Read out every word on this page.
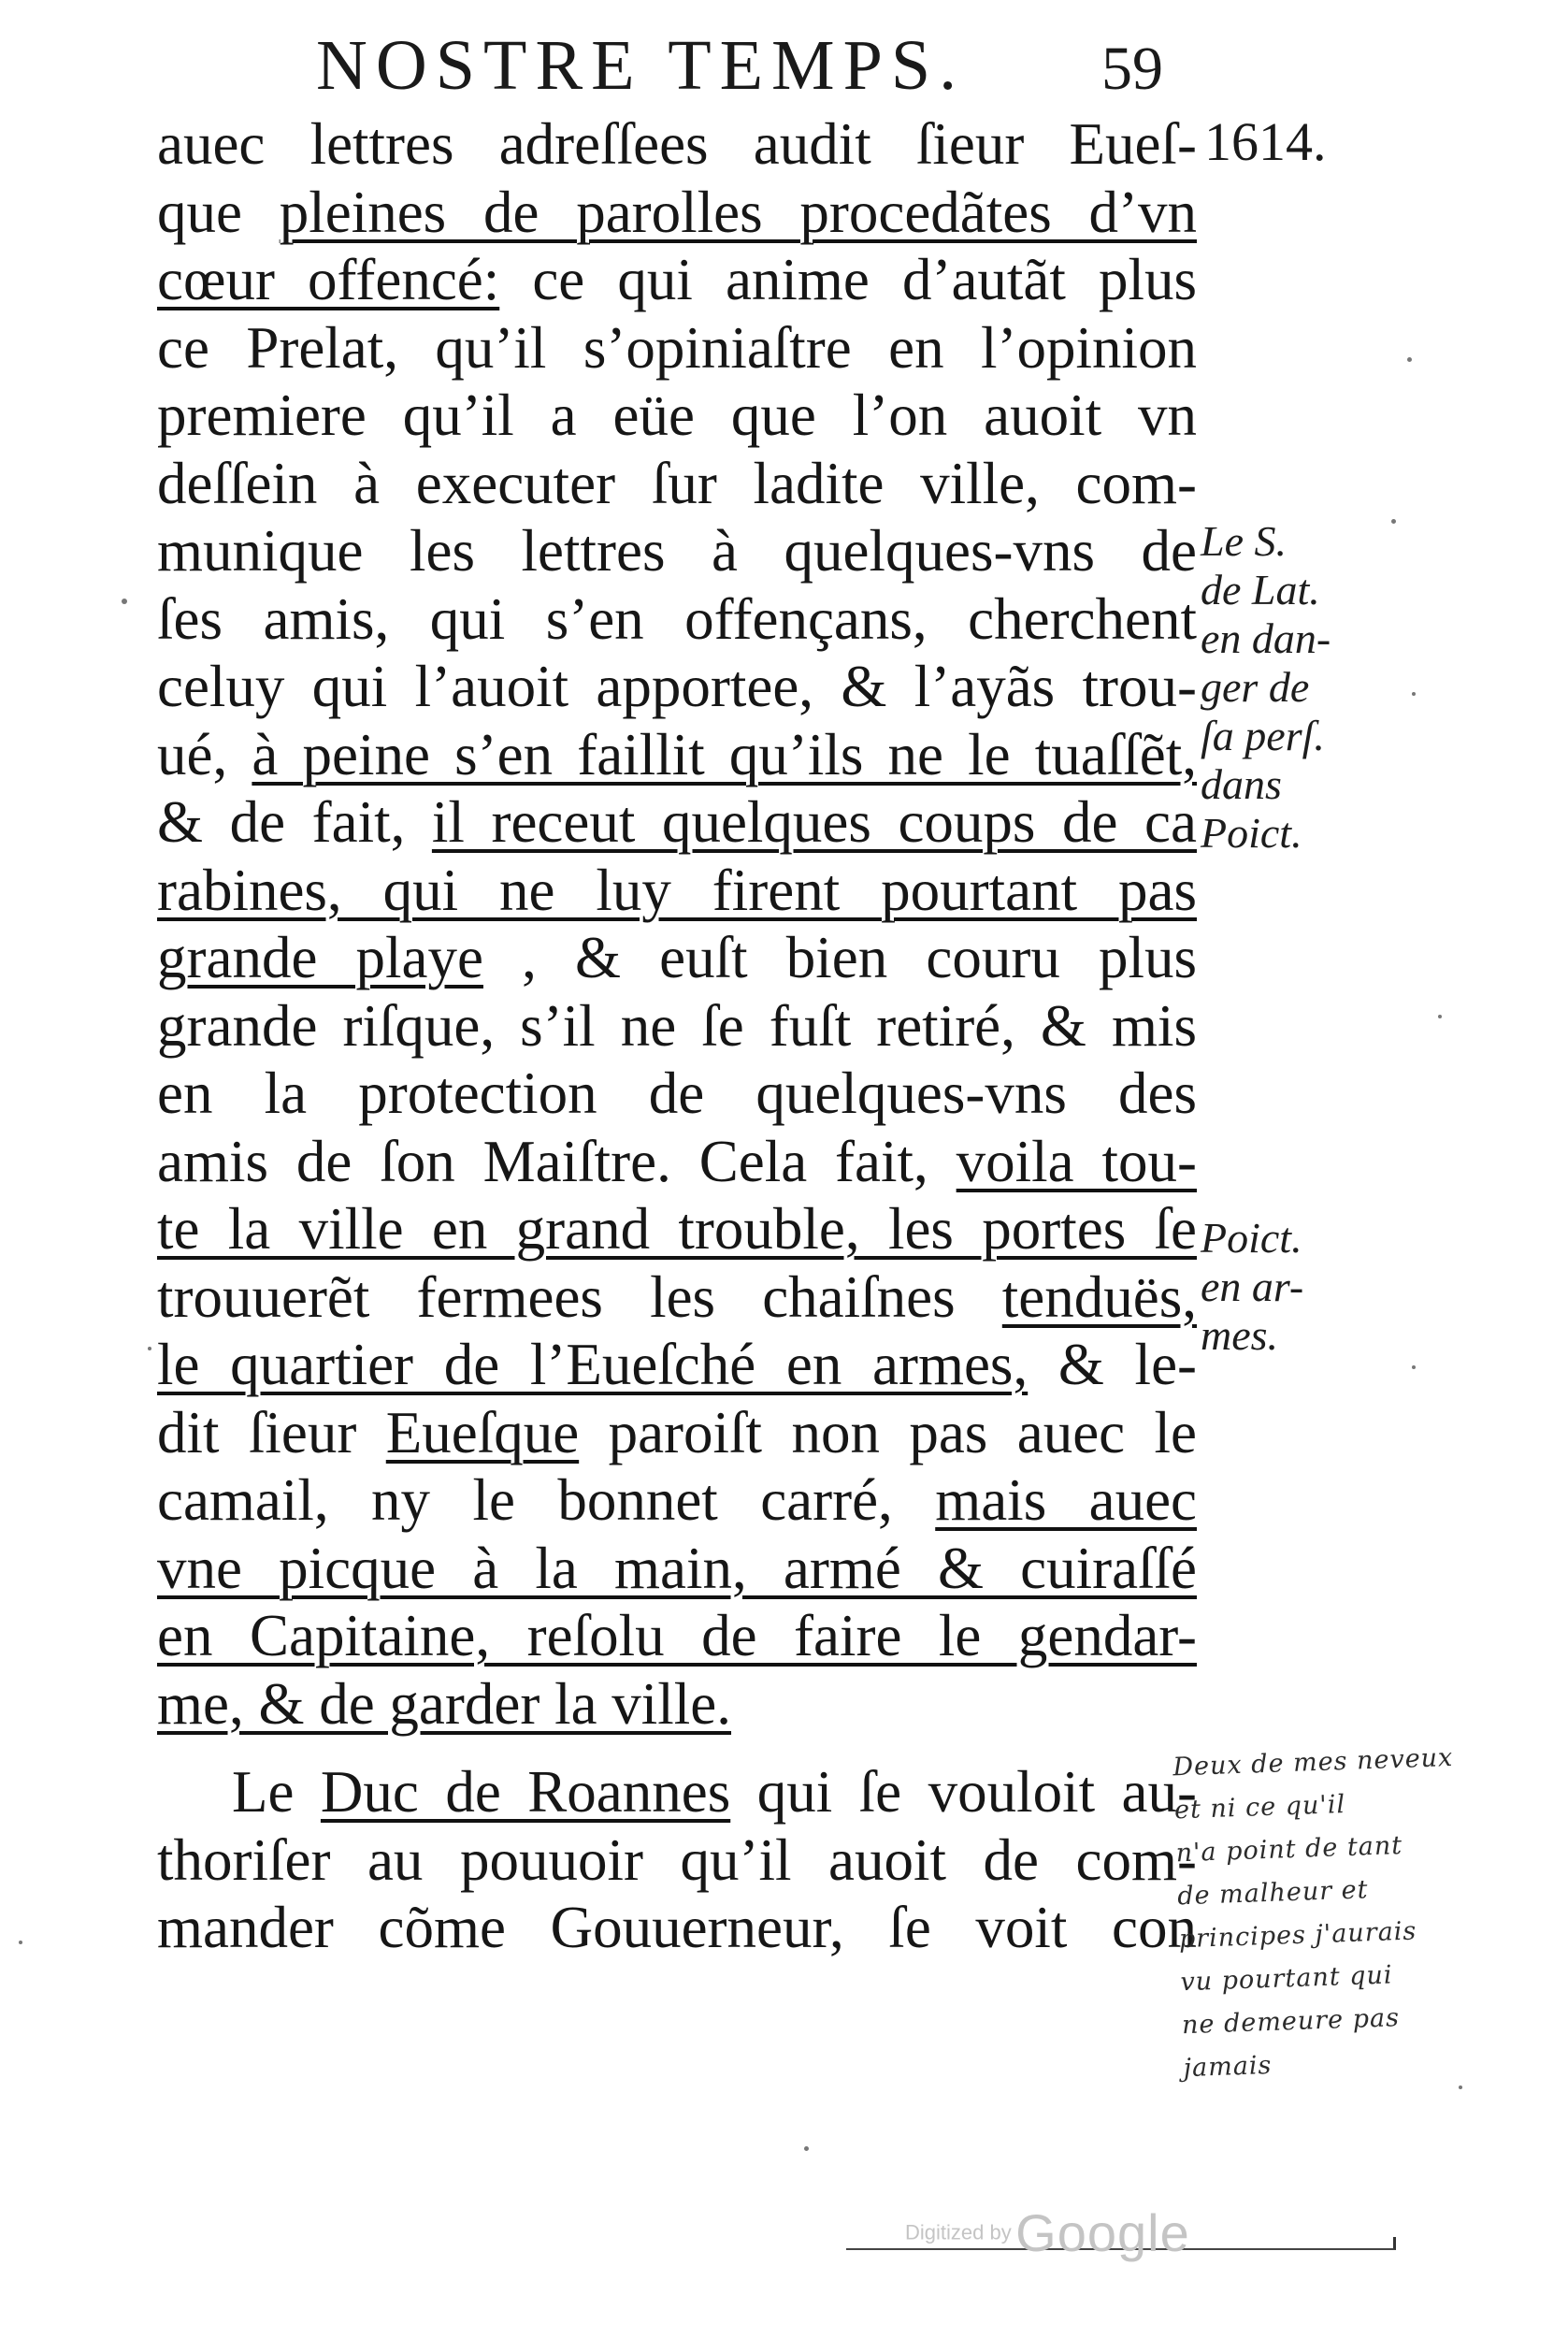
NOSTRE TEMPS. 59
1614.
auec lettres adreſſees audit ſieur Eueſ-
que pleines de parolles procedãtes d’vn
cœur offencé: ce qui anime d’autãt plus
ce Prelat, qu’il s’opiniaſtre en l’opinion
premiere qu’il a eüe que l’on auoit vn
deſſein à executer ſur ladite ville, com-
munique les lettres à quelques-vns de
ſes amis, qui s’en offençans, cherchent
celuy qui l’auoit apportee, & l’ayãs trou-
ué, à peine s’en faillit qu’ils ne le tuaſſẽt,
& de fait, il receut quelques coups de ca
rabines, qui ne luy firent pourtant pas
grande playe , & euſt bien couru plus
grande riſque, s’il ne ſe fuſt retiré, & mis
en la protection de quelques-vns des
amis de ſon Maiſtre. Cela fait, voila tou-
te la ville en grand trouble, les portes ſe
trouuerẽt fermees les chaiſnes tenduës,
le quartier de l’Eueſché en armes, & le-
dit ſieur Eueſque paroiſt non pas auec le
camail, ny le bonnet carré, mais auec
vne picque à la main, armé & cuiraſſé
en Capitaine, reſolu de faire le gendar-
me, & de garder la ville.
Le Duc de Roannes qui ſe vouloit au-
thoriſer au pouuoir qu’il auoit de com-
mander cõme Gouuerneur, ſe voit con
Le S.
de Lat.
en dan-
ger de
ſa perſ.
dans
Poict.
Poict.
en ar-
mes.
Deux de mes neveux
et ni ce qu'il
n'a point de tant
de malheur et
principes j'aurais
vu pourtant qui
ne demeure pas
jamais
Digitized by Google
